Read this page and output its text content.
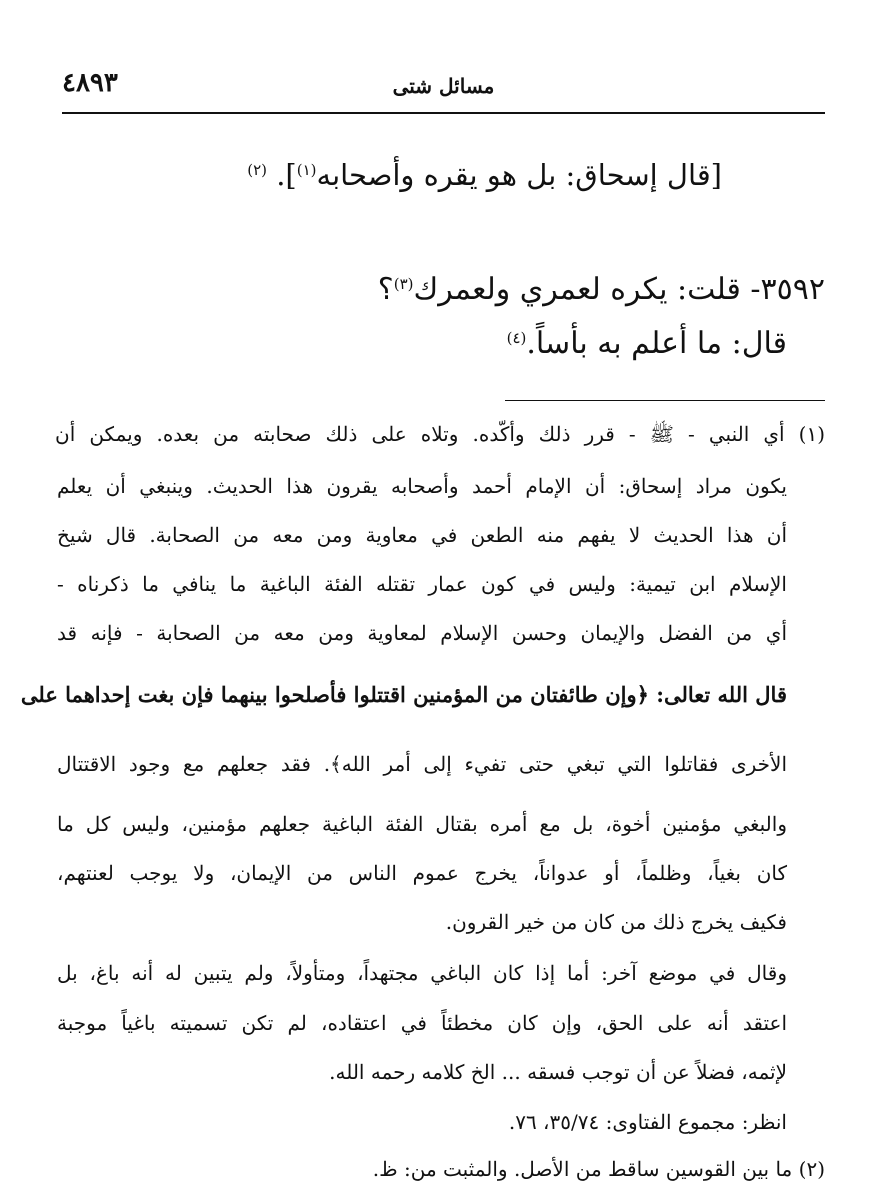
٤٨٩٣	مسائل شتى
[قال إسحاق: بل هو يقره وأصحابه$^{(١)}$]. $^{(٢)}$
٣٥٩٢- قلت: يكره لعمري ولعمرك$^{(٣)}$؟
قال: ما أعلم به بأساً.$^{(٤)}$
(١) أي النبي - ﷺ - قرر ذلك وأكّده. وتلاه على ذلك صحابته من بعده. ويمكن أن
يكون مراد إسحاق: أن الإمام أحمد وأصحابه يقرون هذا الحديث. وينبغي أن يعلم
أن هذا الحديث لا يفهم منه الطعن في معاوية ومن معه من الصحابة. قال شيخ
الإسلام ابن تيمية: وليس في كون عمار تقتله الفئة الباغية ما ينافي ما ذكرناه -
أي من الفضل والإيمان وحسن الإسلام لمعاوية ومن معه من الصحابة - فإنه قد
قال الله تعالى: ﴿وإن طائفتان من المؤمنين اقتتلوا فأصلحوا بينهما فإن بغت إحداهما على
الأخرى فقاتلوا التي تبغي حتى تفيء إلى أمر الله﴾. فقد جعلهم مع وجود الاقتتال
والبغي مؤمنين أخوة، بل مع أمره بقتال الفئة الباغية جعلهم مؤمنين، وليس كل ما
كان بغياً، وظلماً، أو عدواناً، يخرج عموم الناس من الإيمان، ولا يوجب لعنتهم،
فكيف يخرج ذلك من كان من خير القرون.
وقال في موضع آخر: أما إذا كان الباغي مجتهداً، ومتأولاً، ولم يتبين له أنه باغ، بل
اعتقد أنه على الحق، وإن كان مخطئاً في اعتقاده، لم تكن تسميته باغياً موجبة
لإثمه، فضلاً عن أن توجب فسقه ... الخ كلامه رحمه الله.
انظر: مجموع الفتاوى: ٣٥/٧٤، ٧٦.
(٢) ما بين القوسين ساقط من الأصل. والمثبت من: ظ.
